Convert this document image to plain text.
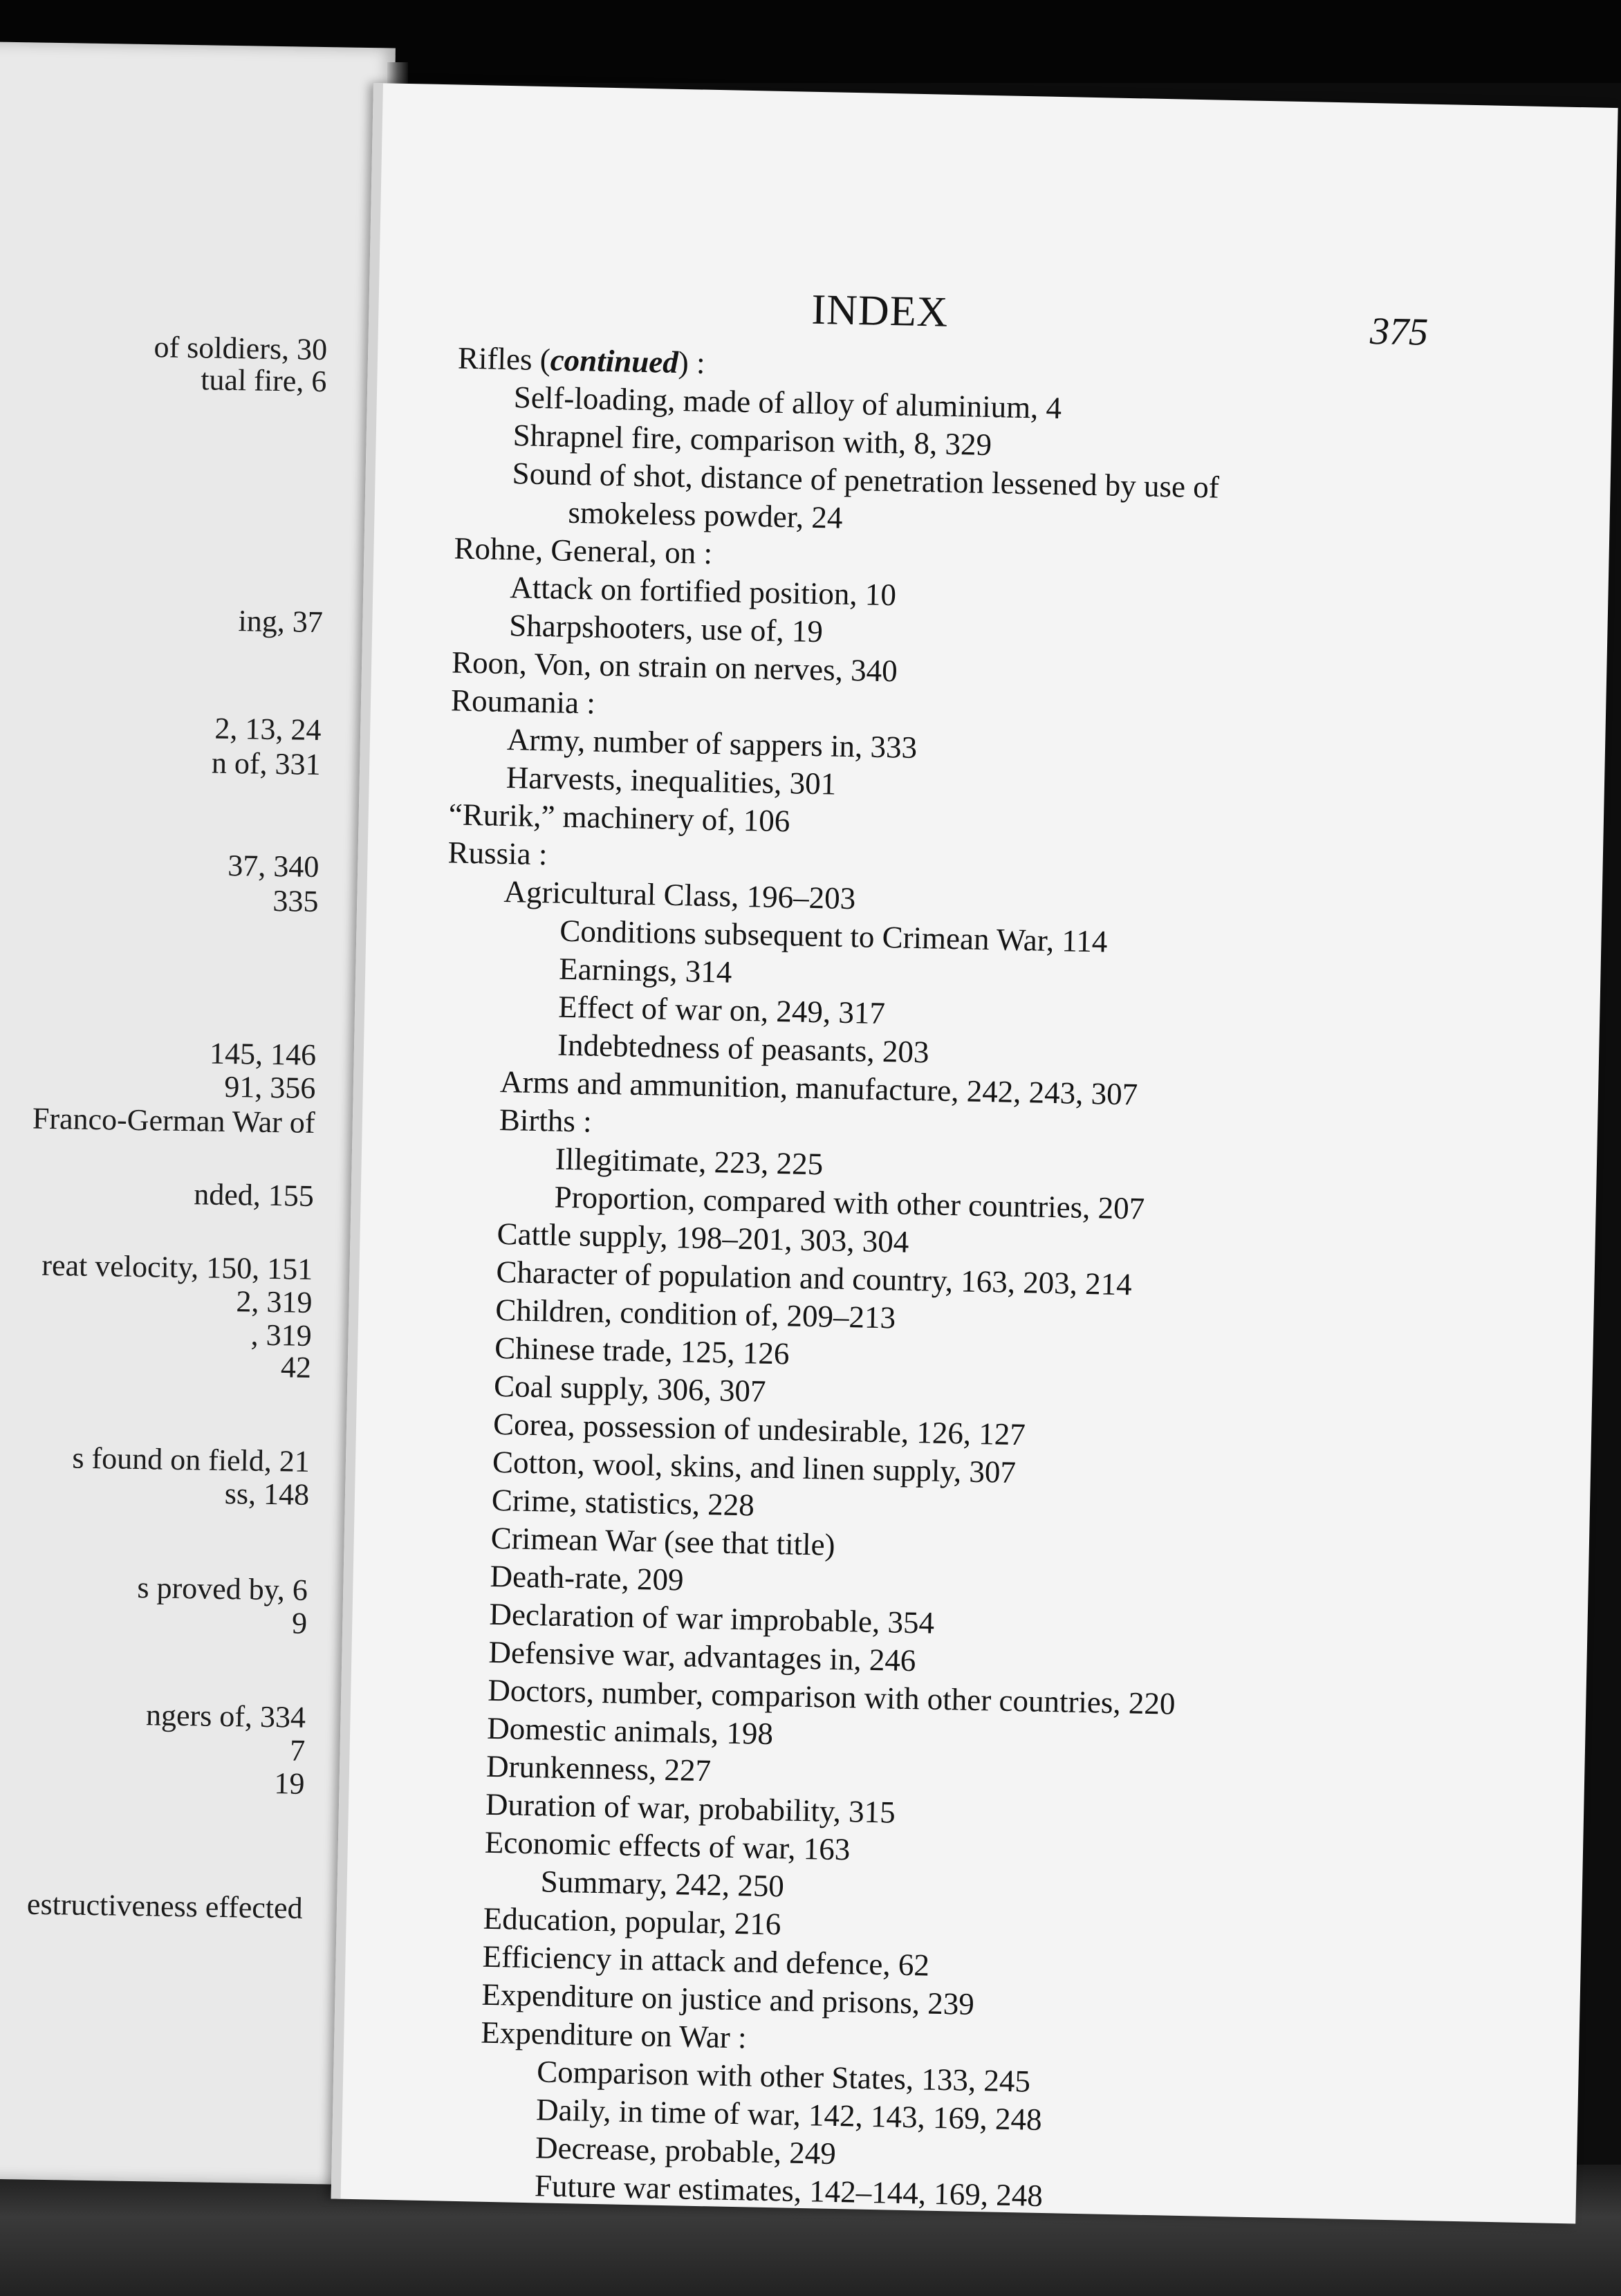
of soldiers, 30
tual fire, 6
ing, 37
2, 13, 24
n of, 331
37, 340
335
145, 146
91, 356
Franco-German War of
nded, 155
reat velocity, 150, 151
2, 319
, 319
42
s found on field, 21
ss, 148
s proved by, 6
9
ngers of, 334
7
19
estructiveness effected
INDEX	375
Rifles (continued) :
Self-loading, made of alloy of aluminium, 4
Shrapnel fire, comparison with, 8, 329
Sound of shot, distance of penetration lessened by use of
smokeless powder, 24
Rohne, General, on :
Attack on fortified position, 10
Sharpshooters, use of, 19
Roon, Von, on strain on nerves, 340
Roumania :
Army, number of sappers in, 333
Harvests, inequalities, 301
“Rurik,” machinery of, 106
Russia :
Agricultural Class, 196–203
Conditions subsequent to Crimean War, 114
Earnings, 314
Effect of war on, 249, 317
Indebtedness of peasants, 203
Arms and ammunition, manufacture, 242, 243, 307
Births :
Illegitimate, 223, 225
Proportion, compared with other countries, 207
Cattle supply, 198–201, 303, 304
Character of population and country, 163, 203, 214
Children, condition of, 209–213
Chinese trade, 125, 126
Coal supply, 306, 307
Corea, possession of undesirable, 126, 127
Cotton, wool, skins, and linen supply, 307
Crime, statistics, 228
Crimean War (see that title)
Death-rate, 209
Declaration of war improbable, 354
Defensive war, advantages in, 246
Doctors, number, comparison with other countries, 220
Domestic animals, 198
Drunkenness, 227
Duration of war, probability, 315
Economic effects of war, 163
Summary, 242, 250
Education, popular, 216
Efficiency in attack and defence, 62
Expenditure on justice and prisons, 239
Expenditure on War :
Comparison with other States, 133, 245
Daily, in time of war, 142, 143, 169, 248
Decrease, probable, 249
Future war estimates, 142–144, 169, 248
